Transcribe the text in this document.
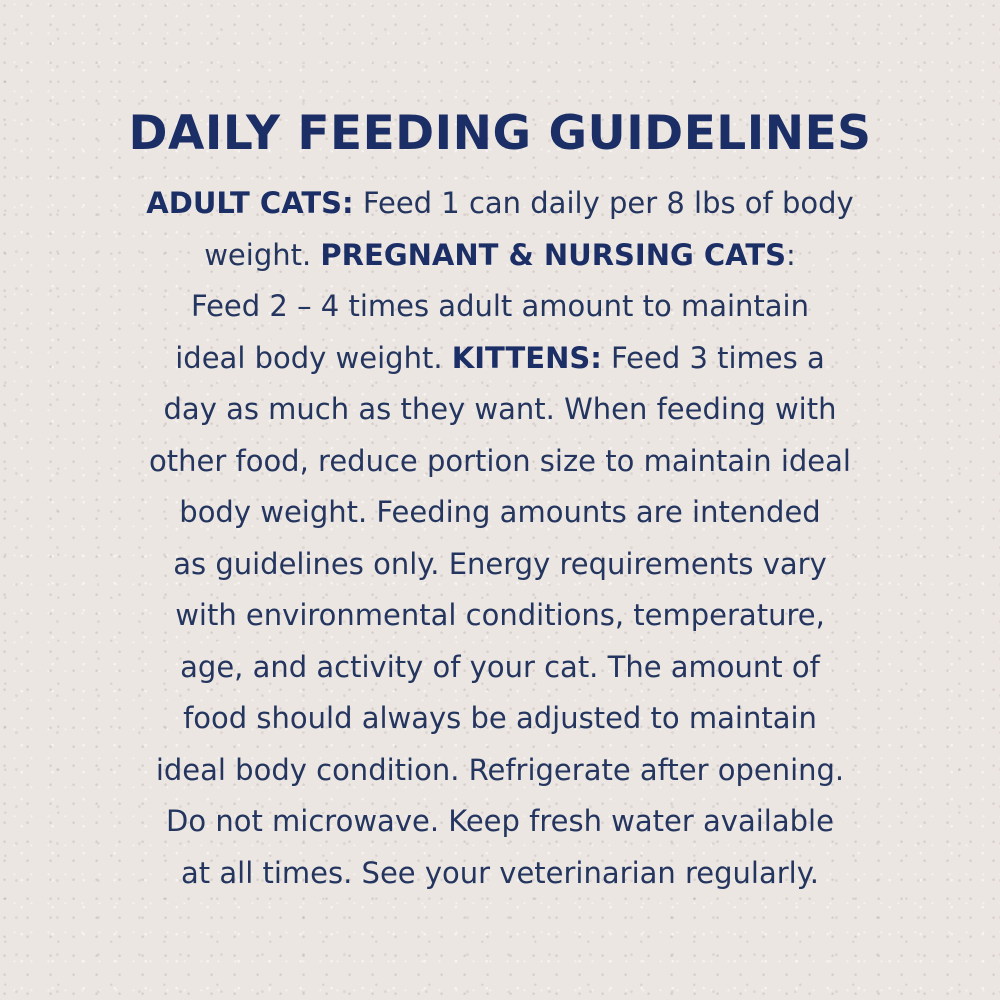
DAILY FEEDING GUIDELINES
ADULT CATS: Feed 1 can daily per 8 lbs of body
weight. PREGNANT & NURSING CATS:
Feed 2 – 4 times adult amount to maintain
ideal body weight. KITTENS: Feed 3 times a
day as much as they want. When feeding with
other food, reduce portion size to maintain ideal
body weight. Feeding amounts are intended
as guidelines only. Energy requirements vary
with environmental conditions, temperature,
age, and activity of your cat. The amount of
food should always be adjusted to maintain
ideal body condition. Refrigerate after opening.
Do not microwave. Keep fresh water available
at all times. See your veterinarian regularly.
